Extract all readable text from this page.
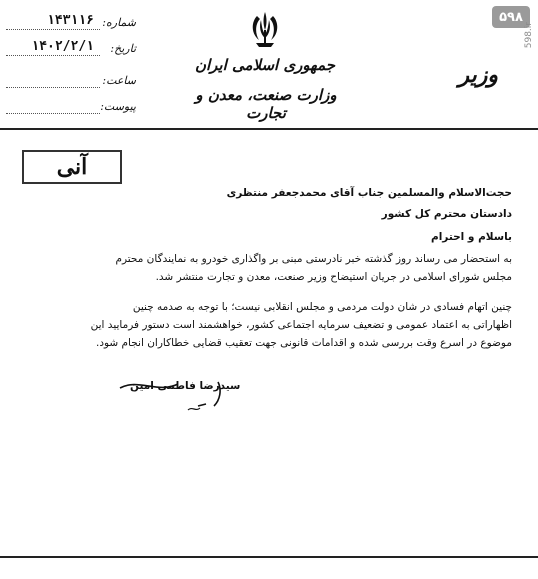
۵۹۸
598.ir
جمهوری اسلامی ایران
وزارت صنعت، معدن و تجارت
وزیر
شماره:
۱۴۳۱۱۶
تاریخ:
۱۴۰۲/۲/۱
ساعت:
پیوست:
آنی
حجت‌الاسلام والمسلمین جناب آقای محمدجعفر منتظری
دادستان محترم کل کشور
باسلام و احترام
به استحضار می رساند روز گذشته خبر نادرستی مبنی بر واگذاری خودرو به نمایندگان محترم
مجلس شورای اسلامی در جریان استیضاح وزیر صنعت، معدن و تجارت منتشر شد.
چنین اتهام فسادی در شان دولت مردمی و مجلس انقلابی نیست؛ با توجه به صدمه چنین
اظهاراتی به اعتماد عمومی و تضعیف سرمایه اجتماعی کشور، خواهشمند است دستور فرمایید این
موضوع در اسرع وقت بررسی شده و اقدامات قانونی جهت تعقیب قضایی خطاکاران انجام شود.
سیدرضا فاطمی امین
